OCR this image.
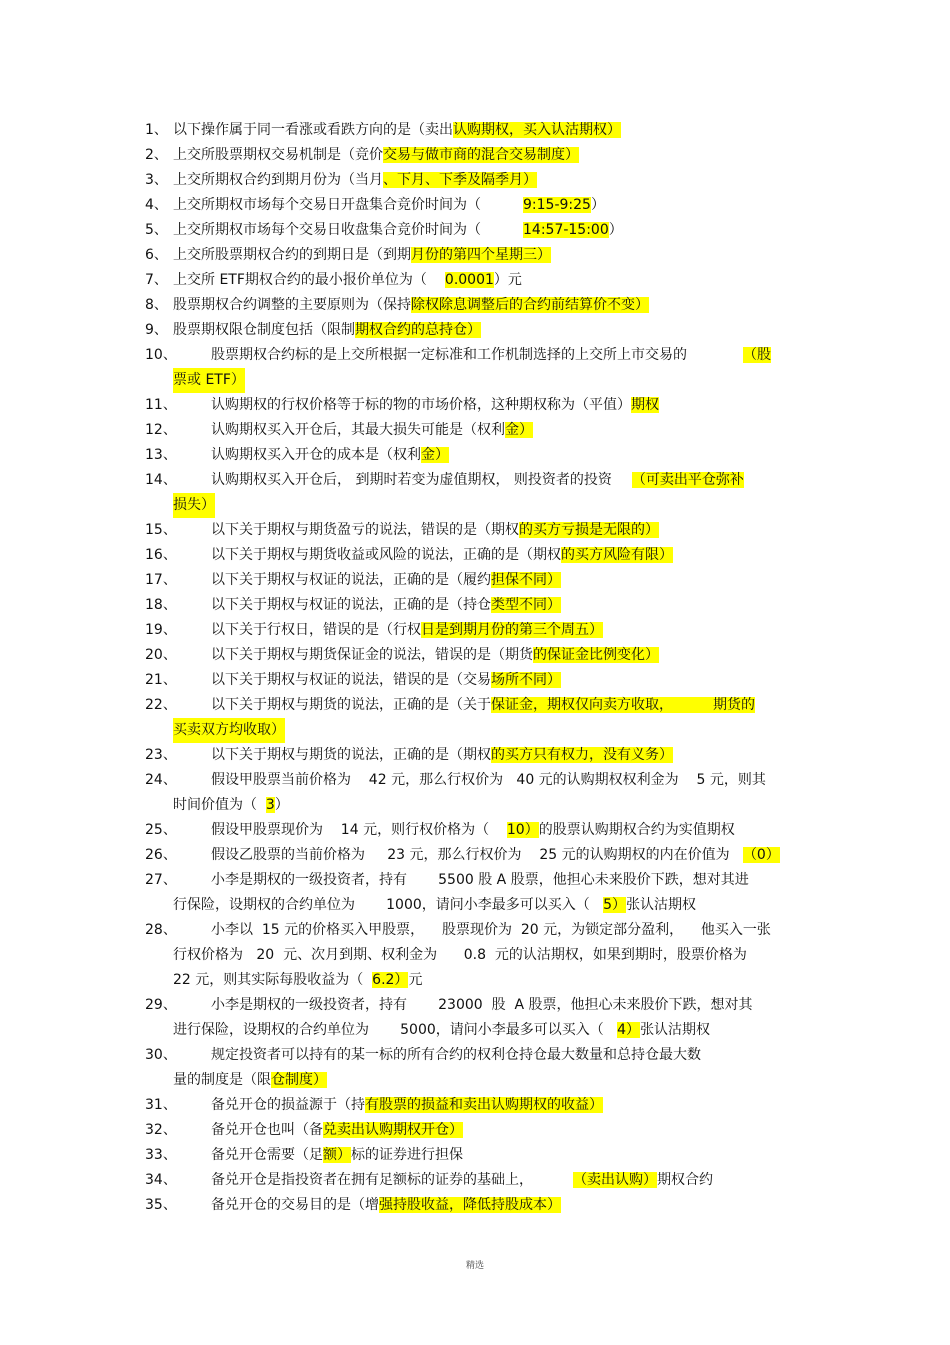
1、 以下操作属于同一看涨或看跌方向的是（卖出认购期权，买入认沽期权）
2、 上交所股票期权交易机制是（竞价交易与做市商的混合交易制度）
3、 上交所期权合约到期月份为（当月、下月、下季及隔季月）
4、 上交所期权市场每个交易日开盘集合竞价时间为（	9:15-9:25）
5、 上交所期权市场每个交易日收盘集合竞价时间为（	14:57-15:00）
6、 上交所股票期权合约的到期日是（到期月份的第四个星期三）
7、 上交所 ETF期权合约的最小报价单位为（ 0.0001）元
8、 股票期权合约调整的主要原则为（保持除权除息调整后的合约前结算价不变）
9、 股票期权限仓制度包括（限制期权合约的总持仓）
10、 股票期权合约标的是上交所根据一定标准和工作机制选择的上交所上市交易的	（股
票或 ETF）
11、 认购期权的行权价格等于标的物的市场价格，这种期权称为（平值）期权
12、 认购期权买入开仓后，其最大损失可能是（权利金）
13、 认购期权买入开仓的成本是（权利金）
14、 认购期权买入开仓后， 到期时若变为虚值期权， 则投资者的投资 （可卖出平仓弥补
损失）
15、 以下关于期权与期货盈亏的说法，错误的是（期权的买方亏损是无限的）
16、 以下关于期权与期货收益或风险的说法，正确的是（期权的买方风险有限）
17、 以下关于期权与权证的说法，正确的是（履约担保不同）
18、 以下关于期权与权证的说法，正确的是（持仓类型不同）
19、 以下关于行权日，错误的是（行权日是到期月份的第三个周五）
20、 以下关于期权与期货保证金的说法，错误的是（期货的保证金比例变化）
21、 以下关于期权与权证的说法，错误的是（交易场所不同）
22、 以下关于期权与期货的说法，正确的是（关于保证金，期权仅向卖方收取，         期货的
买卖双方均收取）
23、 以下关于期权与期货的说法，正确的是（期权的买方只有权力，没有义务）
24、 假设甲股票当前价格为    42 元，那么行权价为   40 元的认购期权权利金为    5 元，则其
时间价值为（  3）
25、 假设甲股票现价为    14 元，则行权价格为（    10）的股票认购期权合约为实值期权
26、 假设乙股票的当前价格为     23 元，那么行权价为    25 元的认购期权的内在价值为   （0）
27、 小李是期权的一级投资者，持有       5500 股 A 股票，他担心未来股价下跌，想对其进
行保险，设期权的合约单位为       1000，请问小李最多可以买入（   5）张认沽期权
28、 小李以  15 元的价格买入甲股票，    股票现价为  20 元，为锁定部分盈利，    他买入一张
行权价格为   20  元、次月到期、权利金为      0.8  元的认沽期权，如果到期时，股票价格为
22 元，则其实际每股收益为（  6.2）元
29、 小李是期权的一级投资者，持有       23000  股  A 股票，他担心未来股价下跌，想对其
进行保险，设期权的合约单位为       5000，请问小李最多可以买入（   4）张认沽期权
30、 规定投资者可以持有的某一标的所有合约的权利仓持仓最大数量和总持仓最大数
量的制度是（限仓制度）
31、 备兑开仓的损益源于（持有股票的损益和卖出认购期权的收益）
32、 备兑开仓也叫（备兑卖出认购期权开仓）
33、 备兑开仓需要（足额）标的证券进行担保
34、 备兑开仓是指投资者在拥有足额标的证券的基础上，         （卖出认购）期权合约
35、 备兑开仓的交易目的是（增强持股收益，降低持股成本）
精选
